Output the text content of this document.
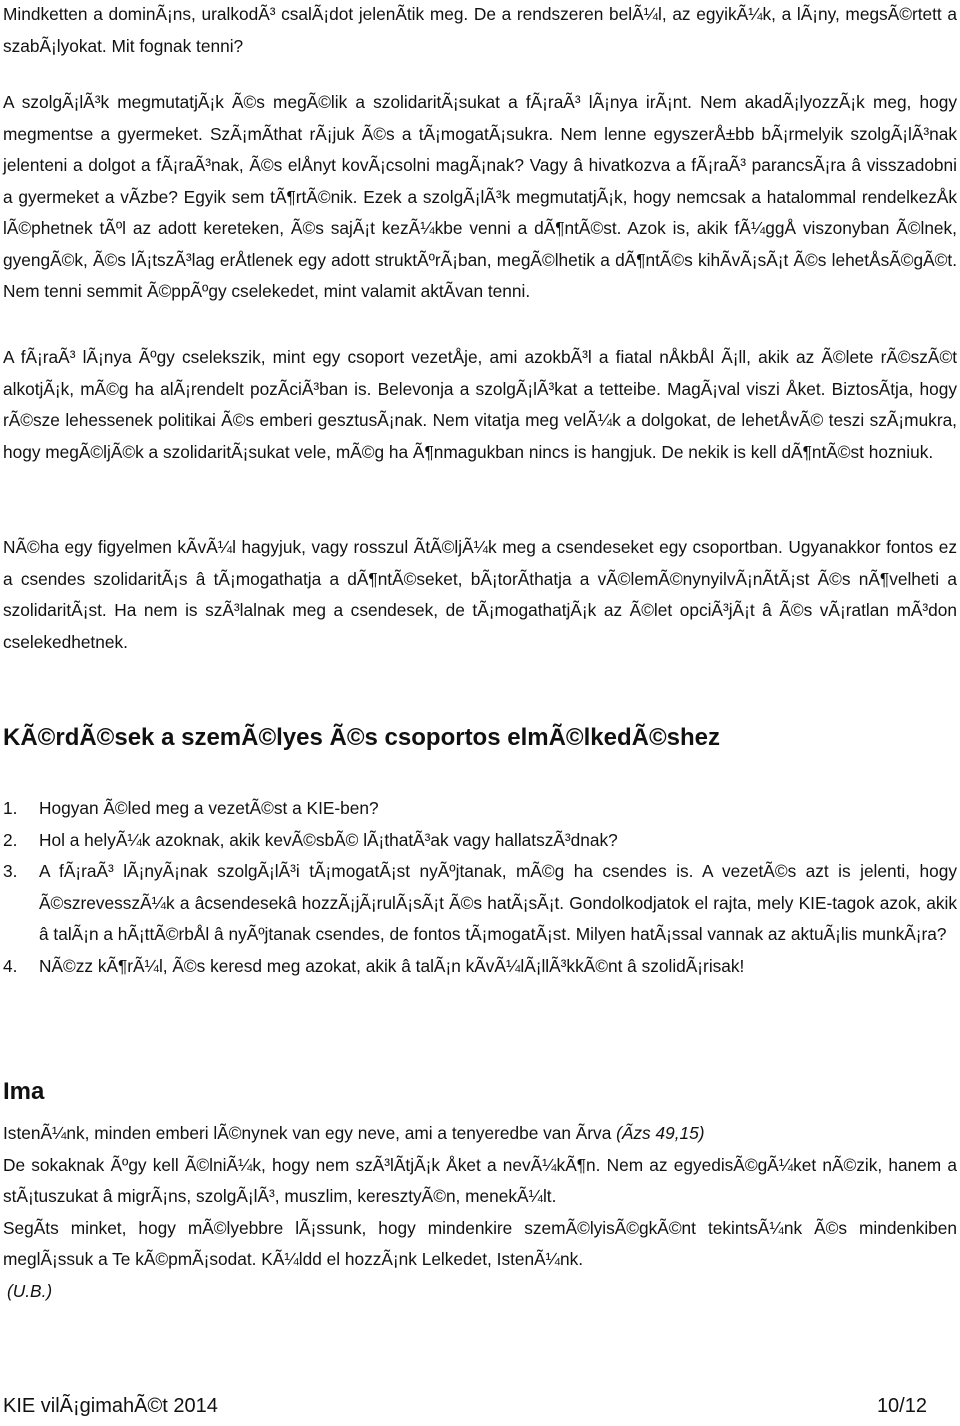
Mindketten a dominÃ¡ns, uralkodÃ³ csalÃ¡dot jelenÃtik meg. De a rendszeren belÃ¼l, az egyikÃ¼k, a lÃ¡ny, megsÃ©rtett a szabÃ¡lyokat. Mit fognak tenni?

A szolgÃ¡lÃ³k megmutatjÃ¡k Ã©s megÃ©lik a szolidaritÃ¡sukat a fÃ¡raÃ³ lÃ¡nya irÃ¡nt. Nem akadÃ¡lyozzÃ¡k meg, hogy megmentse a gyermeket. SzÃ¡mÃthat rÃ¡juk Ã©s a tÃ¡mogatÃ¡sukra. Nem lenne egyszerÅ±bb bÃ¡rmelyik szolgÃ¡lÃ³nak jelenteni a dolgot a fÃ¡raÃ³nak, Ã©s elÅnyt kovÃ¡csolni magÃ¡nak? Vagy â hivatkozva a fÃ¡raÃ³ parancsÃ¡ra â visszadobni a gyermeket a vÃzbe? Egyik sem tÃ¶rtÃ©nik. Ezek a szolgÃ¡lÃ³k megmutatjÃ¡k, hogy nemcsak a hatalommal rendelkezÅk lÃ©phetnek tÃºl az adott kereteken, Ã©s sajÃ¡t kezÃ¼kbe venni a dÃ¶ntÃ©st. Azok is, akik fÃ¼ggÅ viszonyban Ã©lnek, gyengÃ©k, Ã©s lÃ¡tszÃ³lag erÅtlenek egy adott struktÃºrÃ¡ban, megÃ©lhetik a dÃ¶ntÃ©s kihÃvÃ¡sÃ¡t Ã©s lehetÅsÃ©gÃ©t. Nem tenni semmit Ã©ppÃºgy cselekedet, mint valamit aktÃvan tenni.

A fÃ¡raÃ³ lÃ¡nya Ãºgy cselekszik, mint egy csoport vezetÅje, ami azokbÃ³l a fiatal nÅkbÅl Ã¡ll, akik az Ã©lete rÃ©szÃ©t alkotjÃ¡k, mÃ©g ha alÃ¡rendelt pozÃciÃ³ban is. Belevonja a szolgÃ¡lÃ³kat a tetteibe. MagÃ¡val viszi Åket. BiztosÃtja, hogy rÃ©sze lehessenek politikai Ã©s emberi gesztusÃ¡nak. Nem vitatja meg velÃ¼k a dolgokat, de lehetÅvÃ© teszi szÃ¡mukra, hogy megÃ©ljÃ©k a szolidaritÃ¡sukat vele, mÃ©g ha Ã¶nmagukban nincs is hangjuk. De nekik is kell dÃ¶ntÃ©st hozniuk.

NÃ©ha egy figyelmen kÃvÃ¼l hagyjuk, vagy rosszul ÃtÃ©ljÃ¼k meg a csendeseket egy csoportban. Ugyanakkor fontos ez a csendes szolidaritÃ¡s â tÃ¡mogathatja a dÃ¶ntÃ©seket, bÃ¡torÃthatja a vÃ©lemÃ©nynyilvÃ¡nÃtÃ¡st Ã©s nÃ¶velheti a szolidaritÃ¡st. Ha nem is szÃ³lalnak meg a csendesek, de tÃ¡mogathatjÃ¡k az Ã©let opciÃ³jÃ¡t â Ã©s vÃ¡ratlan mÃ³don cselekedhetnek.

KÃ©rdÃ©sek a szemÃ©lyes Ã©s csoportos elmÃ©lkedÃ©shez
1. Hogyan Ã©led meg a vezetÃ©st a KIE-ben?
2. Hol a helyÃ¼k azoknak, akik kevÃ©sbÃ© lÃ¡thatÃ³ak vagy hallatszÃ³dnak?
3. A fÃ¡raÃ³ lÃ¡nyÃ¡nak szolgÃ¡lÃ³i tÃ¡mogatÃ¡st nyÃºjtanak, mÃ©g ha csendes is. A vezetÃ©s azt is jelenti, hogy Ã©szrevesszÃ¼k a âcsendesekâ hozzÃ¡jÃ¡rulÃ¡sÃ¡t Ã©s hatÃ¡sÃ¡t. Gondolkodjatok el rajta, mely KIE-tagok azok, akik â talÃ¡n a hÃ¡ttÃ©rbÅl â nyÃºjtanak csendes, de fontos tÃ¡mogatÃ¡st. Milyen hatÃ¡ssal vannak az aktuÃ¡lis munkÃ¡ra?
4. NÃ©zz kÃ¶rÃ¼l, Ã©s keresd meg azokat, akik â talÃ¡n kÃvÃ¼lÃ¡llÃ³kkÃ©nt â szolidÃ¡risak!
Ima
IstenÃ¼nk, minden emberi lÃ©nynek van egy neve, ami a tenyeredbe van Ãrva (Ãzs 49,15)
De sokaknak Ãºgy kell Ã©lniÃ¼k, hogy nem szÃ³lÃtjÃ¡k Åket a nevÃ¼kÃ¶n. Nem az egyedisÃ©gÃ¼ket nÃ©zik, hanem a stÃ¡tuszukat â migrÃ¡ns, szolgÃ¡lÃ³, muszlim, keresztyÃ©n, menekÃ¼lt.
SegÃts minket, hogy mÃ©lyebbre lÃ¡ssunk, hogy mindenkire szemÃ©lyisÃ©gkÃ©nt tekintsÃ¼nk Ã©s mindenkiben meglÃ¡ssuk a Te kÃ©pmÃ¡sodat. KÃ¼ldd el hozzÃ¡nk Lelkedet, IstenÃ¼nk.
(U.B.)
KIE vilÃ¡gimahÃ©t 2014	10/12
